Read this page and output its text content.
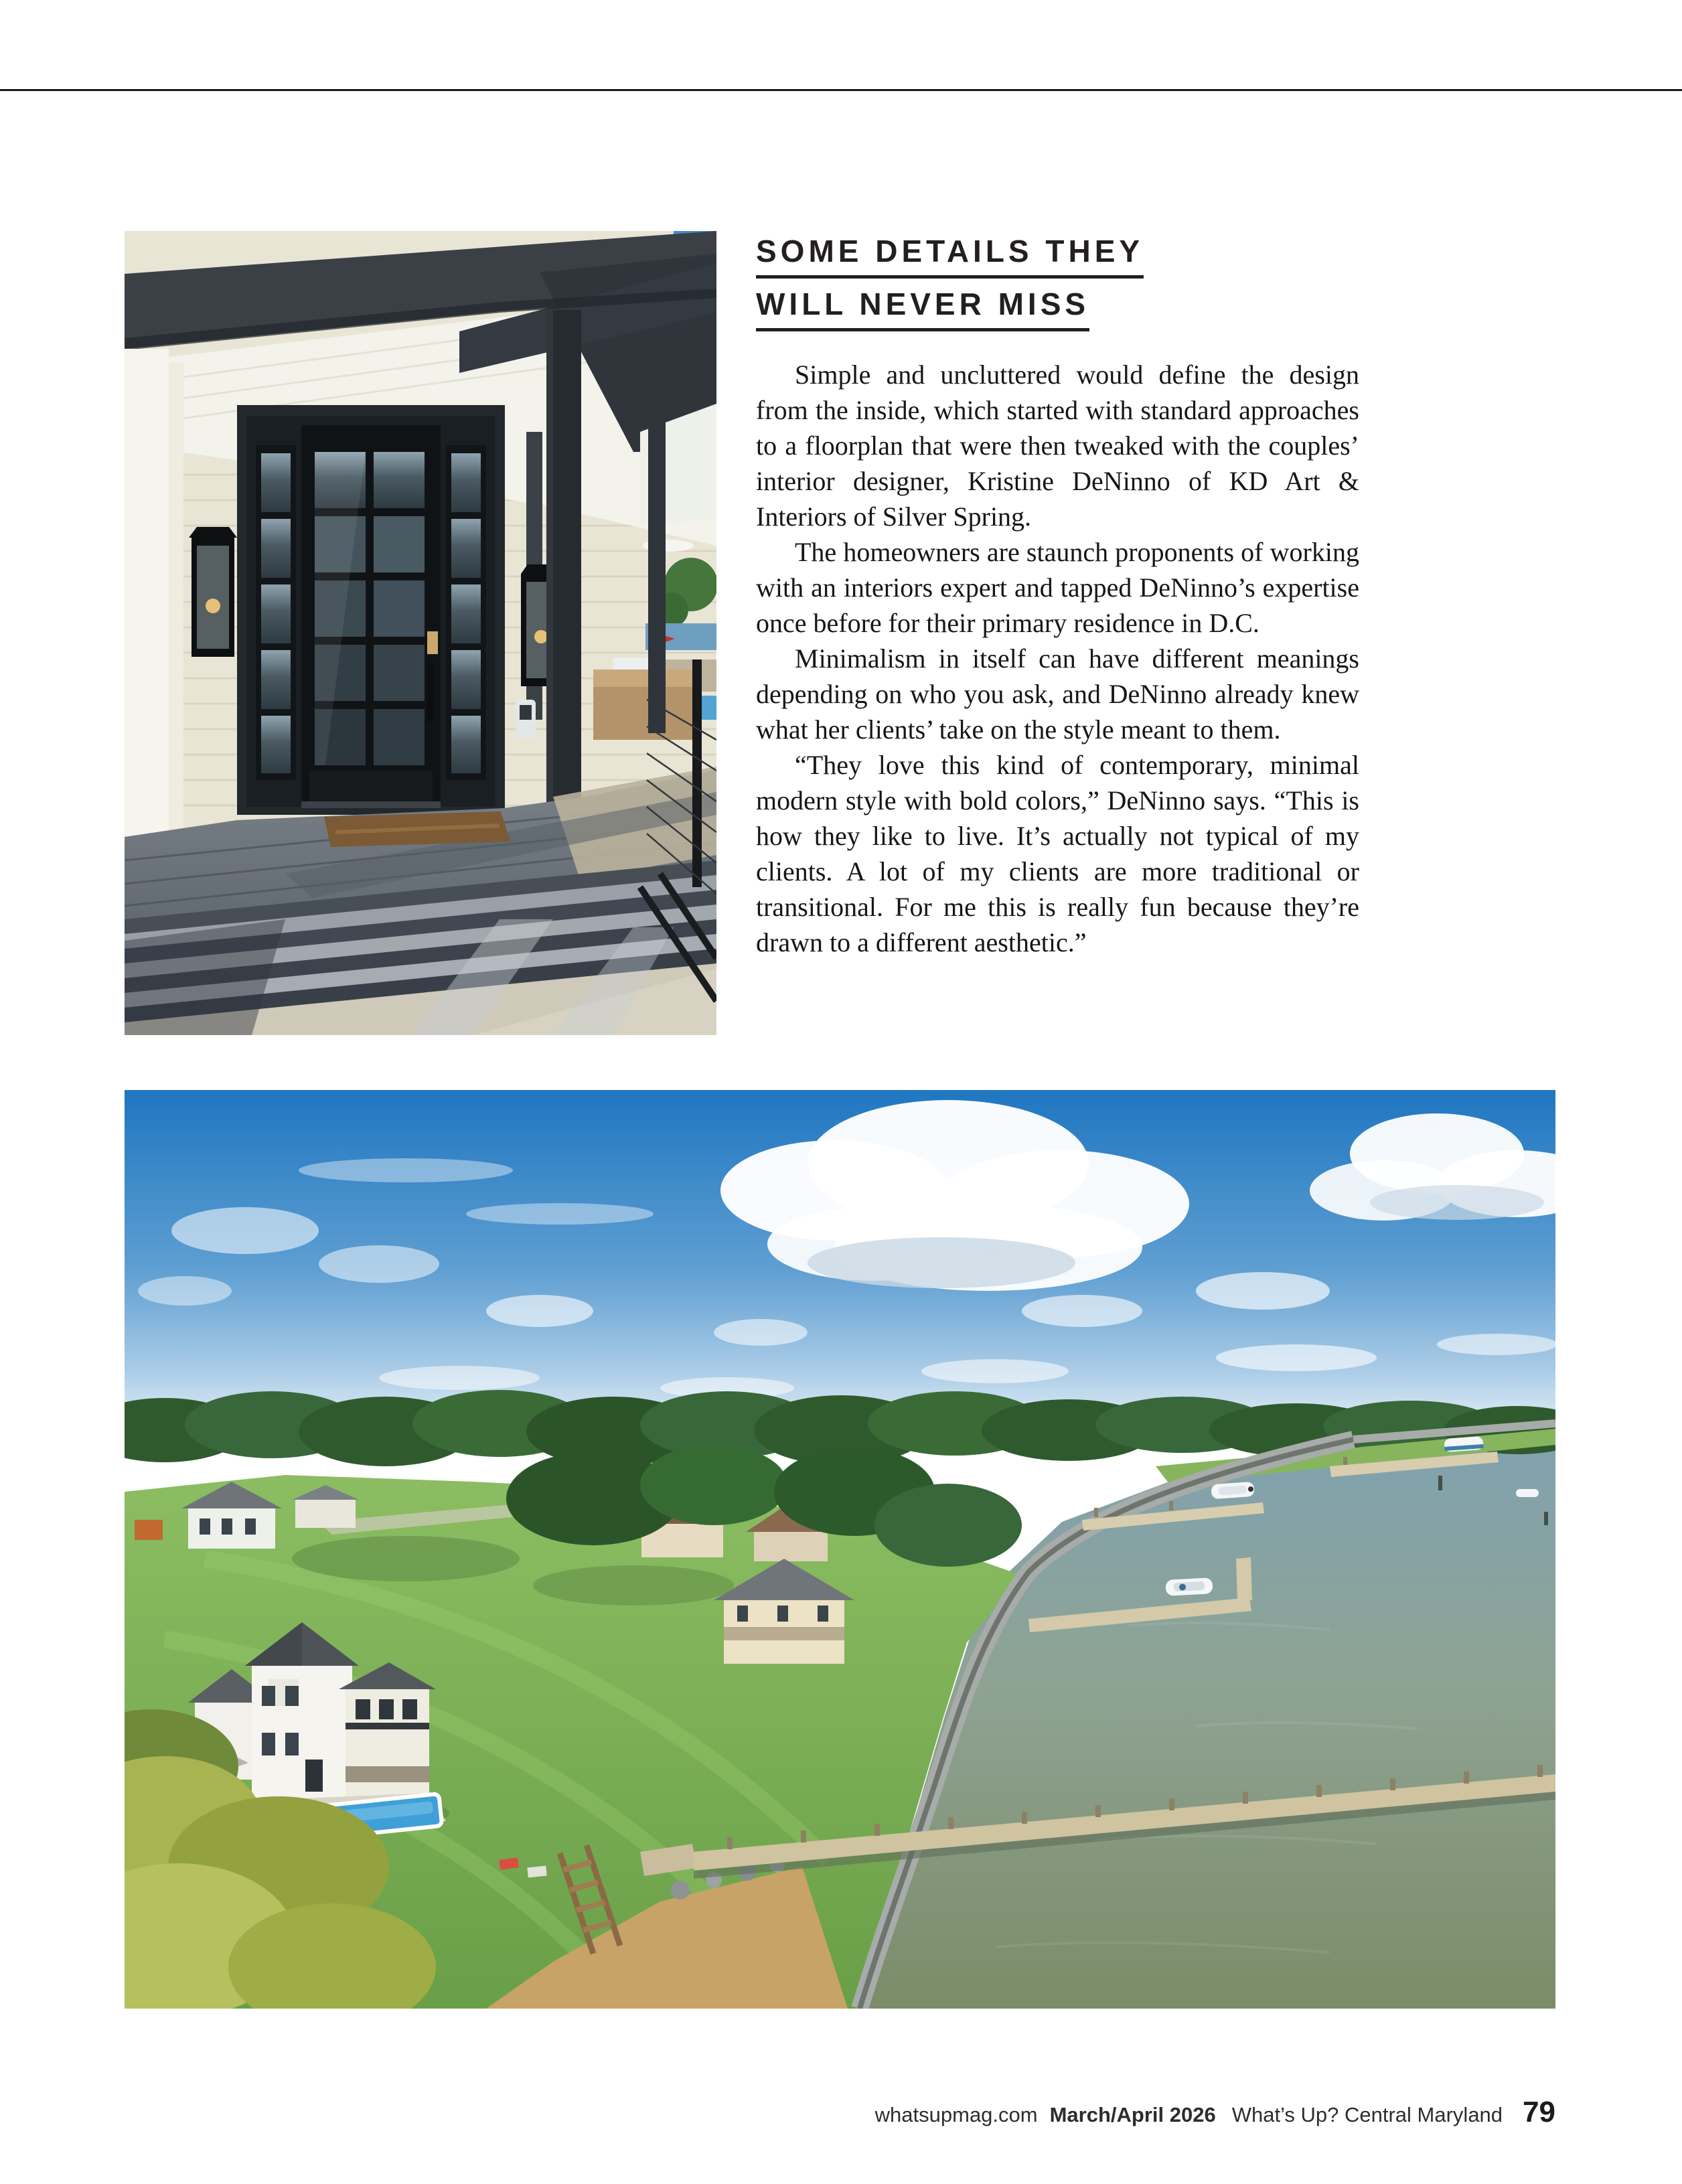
SOME DETAILS THEY
WILL NEVER MISS

Simple and uncluttered would define the design from the inside, which started with standard approaches to a floorplan that were then tweaked with the couples’ interior designer, Kristine DeNinno of KD Art & Interiors of Silver Spring.

The homeowners are staunch proponents of working with an interiors expert and tapped DeNinno’s expertise once before for their primary residence in D.C.

Minimalism in itself can have different meanings depending on who you ask, and DeNinno already knew what her clients’ take on the style meant to them.

“They love this kind of contemporary, minimal modern style with bold colors,” DeNinno says. “This is how they like to live. It’s actually not typical of my clients. A lot of my clients are more traditional or transitional. For me this is really fun because they’re drawn to a different aesthetic.”

whatsupmag.com March/April 2026 What’s Up? Central Maryland 79
